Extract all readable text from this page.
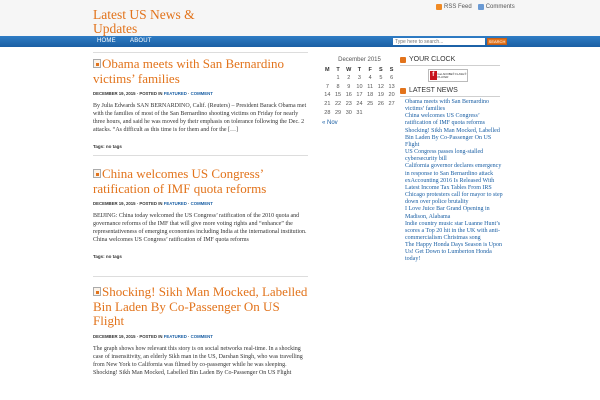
Latest US News & Updates
RSS Feed Comments
HOME ABOUT
Type here to search...	SEARCH
Obama meets with San Bernardino victims’ families
DECEMBER 19, 2015 · POSTED IN FEATURED · COMMENT
By Julia Edwards SAN BERNARDINO, Calif. (Reuters) – President Barack Obama met with the families of most of the San Bernardino shooting victims on Friday for nearly three hours, and said he was moved by their emphasis on tolerance following the Dec. 2 attacks. “As difficult as this time is for them and for the […]
Tags: no tags
China welcomes US Congress’ ratification of IMF quota reforms
DECEMBER 19, 2015 · POSTED IN FEATURED · COMMENT
BEIJING: China today welcomed the US Congress’ ratification of the 2010 quota and governance reforms of the IMF that will give more voting rights and “enhance” the representativeness of emerging economies including India at the international institution. China welcomes US Congress’ ratification of IMF quota reforms
Tags: no tags
Shocking! Sikh Man Mocked, Labelled Bin Laden By Co-Passenger On US Flight
DECEMBER 19, 2015 · POSTED IN FEATURED · COMMENT
The graph shows how relevant this story is on social networks real-time. In a shocking case of insensitivity, an elderly Sikh man in the US, Darshan Singh, who was travelling from New York to California was filmed by co-passenger while he was sleeping. Shocking! Sikh Man Mocked, Labelled Bin Laden By Co-Passenger On US Flight
December 2015
M	T	W	T	F	S	S
	1	2	3	4	5	6
7	8	9	10	11	12	13
14	15	16	17	18	19	20
21	22	23	24	25	26	27
28	29	30	31			
« Nov
YOUR CLOCK
f	Get ADOBE® FLASH® PLAYER
LATEST NEWS
Obama meets with San Bernardino victims’ families
China welcomes US Congress’ ratification of IMF quota reforms
Shocking! Sikh Man Mocked, Labelled Bin Laden By Co-Passenger On US Flight
US Congress passes long-stalled cybersecurity bill
California governor declares emergency in response to San Bernardino attack
exAccounting 2016 Is Released With Latest Income Tax Tables From IRS
Chicago protesters call for mayor to step down over police brutality
I Love Juice Bar Grand Opening in Madison, Alabama
Indie country music star Luanne Hunt’s scores a Top 20 hit in the UK with anti-commercialism Christmas song
The Happy Honda Days Season is Upon Us! Get Down to Lumberton Honda today!
